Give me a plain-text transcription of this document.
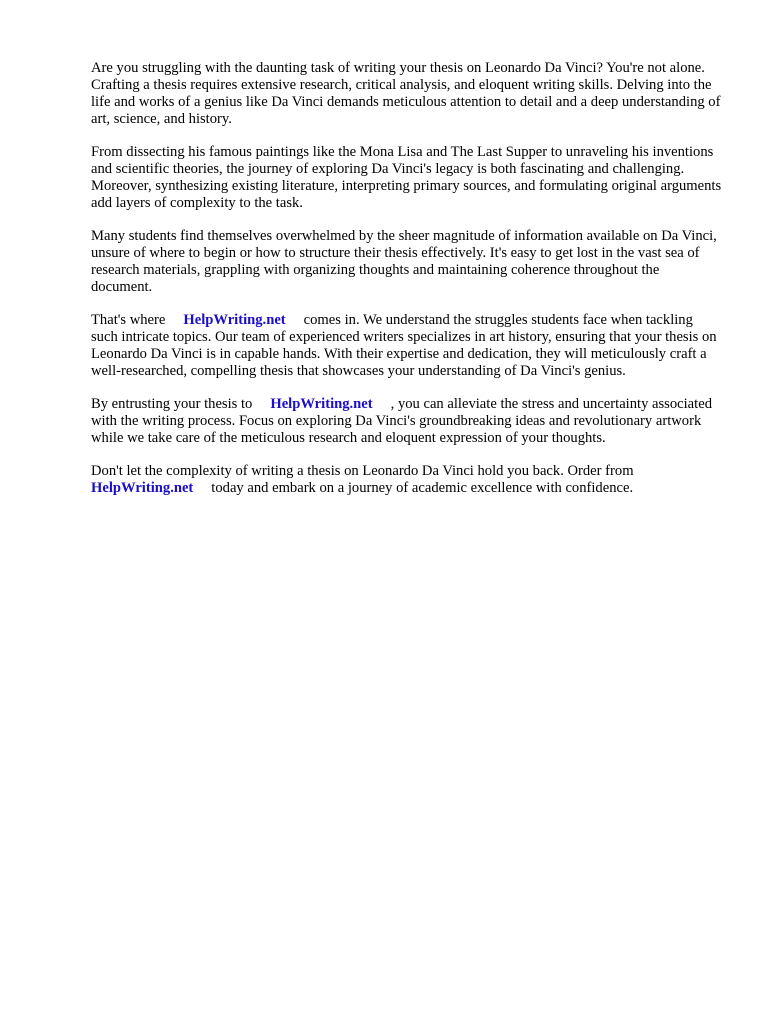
Are you struggling with the daunting task of writing your thesis on Leonardo Da Vinci? You're not alone. Crafting a thesis requires extensive research, critical analysis, and eloquent writing skills. Delving into the life and works of a genius like Da Vinci demands meticulous attention to detail and a deep understanding of art, science, and history.

From dissecting his famous paintings like the Mona Lisa and The Last Supper to unraveling his inventions and scientific theories, the journey of exploring Da Vinci's legacy is both fascinating and challenging. Moreover, synthesizing existing literature, interpreting primary sources, and formulating original arguments add layers of complexity to the task.

Many students find themselves overwhelmed by the sheer magnitude of information available on Da Vinci, unsure of where to begin or how to structure their thesis effectively. It's easy to get lost in the vast sea of research materials, grappling with organizing thoughts and maintaining coherence throughout the document.

That's where HelpWriting.net comes in. We understand the struggles students face when tackling such intricate topics. Our team of experienced writers specializes in art history, ensuring that your thesis on Leonardo Da Vinci is in capable hands. With their expertise and dedication, they will meticulously craft a well-researched, compelling thesis that showcases your understanding of Da Vinci's genius.

By entrusting your thesis to HelpWriting.net , you can alleviate the stress and uncertainty associated with the writing process. Focus on exploring Da Vinci's groundbreaking ideas and revolutionary artwork while we take care of the meticulous research and eloquent expression of your thoughts.

Don't let the complexity of writing a thesis on Leonardo Da Vinci hold you back. Order from HelpWriting.net today and embark on a journey of academic excellence with confidence.
